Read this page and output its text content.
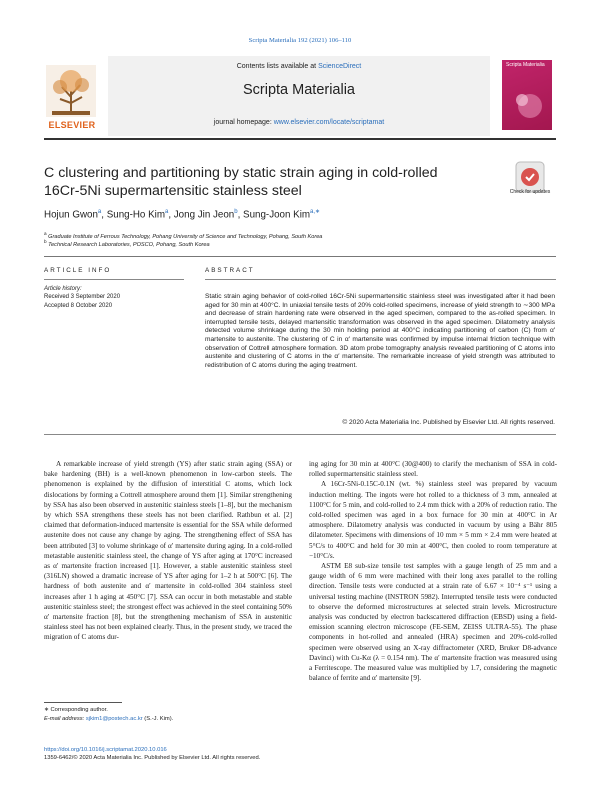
Scripta Materialia 192 (2021) 106–110
ELSEVIER
Contents lists available at ScienceDirect
Scripta Materialia
journal homepage: www.elsevier.com/locate/scriptamat
Scripta Materialia
C clustering and partitioning by static strain aging in cold-rolled
16Cr-5Ni supermartensitic stainless steel	Check for updates
Hojun Gwon$^a$, Sung-Ho Kim$^a$, Jong Jin Jeon$^b$, Sung-Joon Kim$^{a,∗}$
$^a$ Graduate Institute of Ferrous Technology, Pohang University of Science and Technology, Pohang, South Korea
$^b$ Technical Research Laboratories, POSCO, Pohang, South Korea
ARTICLE INFO	ABSTRACT
Article history:
Received 3 September 2020
Accepted 8 October 2020
Static strain aging behavior of cold-rolled 16Cr-5Ni supermartensitic stainless steel was investigated after it had been aged for 30 min at 400°C. In uniaxial tensile tests of 20% cold-rolled specimens, increase of yield strength to ∼300 MPa and decrease of strain hardening rate were observed in the aged specimen, compared to the as-rolled specimen. In interrupted tensile tests, delayed martensitic transformation was observed in the aged specimen. Dilatometry analysis detected volume shrinkage during the 30 min holding period at 400°C indicating partitioning of carbon (C) from α′ martensite to austenite. The clustering of C in α′ martensite was confirmed by impulse internal friction technique with observation of Cottrell atmosphere formation. 3D atom probe tomography analysis revealed partitioning of C atoms into austenite and clustering of C atoms in the α′ martensite. The remarkable increase of yield strength was attributed to redistribution of C atoms during the aging treatment.
© 2020 Acta Materialia Inc. Published by Elsevier Ltd. All rights reserved.

A remarkable increase of yield strength (YS) after static strain aging (SSA) or bake hardening (BH) is a well-known phenomenon in low-carbon steels. The phenomenon is explained by the diffusion of interstitial C atoms, which lock dislocations by forming a Cottrell atmosphere around them [1]. Similar strengthening by SSA has also been observed in austenitic stainless steels [1–8], but the mechanism by which SSA strengthens these steels has not been clarified. Rathbun et al. [2] claimed that deformation-induced martensite is essential for the SSA while deformed austenite does not cause any change by aging. The strengthening effect of SSA has been attributed [3] to volume shrinkage of α′ martensite during aging. In a cold-rolled metastable austenitic stainless steel, the change of YS after aging at 170°C increased as α′ martensite fraction increased [1]. However, a stable austenitic stainless steel (316LN) showed a dramatic increase of YS after aging for 1–2 h at 500°C [6]. The hardness of both austenite and α′ martensite in cold-rolled 304 stainless steel increases after 1 h aging at 450°C [7]. SSA can occur in both metastable and stable austenitic stainless steel; the strongest effect was achieved in the steel containing 50% α′ martensite fraction [8], but the strengthening mechanism of SSA in austenitic stainless steel has not been explained clearly. Thus, in the present study, we traced the migration of C atoms dur-

ing aging for 30 min at 400°C (30@400) to clarify the mechanism of SSA in cold-rolled supermartensitic stainless steel.

A 16Cr-5Ni-0.15C-0.1N (wt. %) stainless steel was prepared by vacuum induction melting. The ingots were hot rolled to a thickness of 3 mm, annealed at 1100°C for 5 min, and cold-rolled to 2.4 mm thick with a 20% of reduction ratio. The cold-rolled specimen was aged in a box furnace for 30 min at 400°C in Ar atmosphere. Dilatometry analysis was conducted in vacuum by using a Bähr 805 dilatometer. Specimens with dimensions of 10 mm × 5 mm × 2.4 mm were heated at 5°C/s to 400°C and held for 30 min at 400°C, then cooled to room temperature at −10°C/s.

ASTM E8 sub-size tensile test samples with a gauge length of 25 mm and a gauge width of 6 mm were machined with their long axes parallel to the rolling direction. Tensile tests were conducted at a strain rate of 6.67 × 10⁻⁴ s⁻¹ using a universal testing machine (INSTRON 5982). Interrupted tensile tests were conducted to observe the deformed microstructures at selected strain levels. Microstructure analysis was conducted by electron backscattered diffraction (EBSD) using a field-emission scanning electron microscope (FE-SEM, ZEISS ULTRA-55). The phase components in hot-rolled and annealed (HRA) specimen and 20%-cold-rolled specimen were observed using an X-ray diffractometer (XRD, Bruker D8-advance Davinci) with Cu-Kα (λ = 0.154 nm). The α′ martensite fraction was measured using a Ferritescope. The measured value was multiplied by 1.7, considering the magnetic balance of ferrite and α′ martensite [9].

∗ Corresponding author.
E-mail address: sjkim1@postech.ac.kr (S.-J. Kim).
https://doi.org/10.1016/j.scriptamat.2020.10.016
1359-6462/© 2020 Acta Materialia Inc. Published by Elsevier Ltd. All rights reserved.
